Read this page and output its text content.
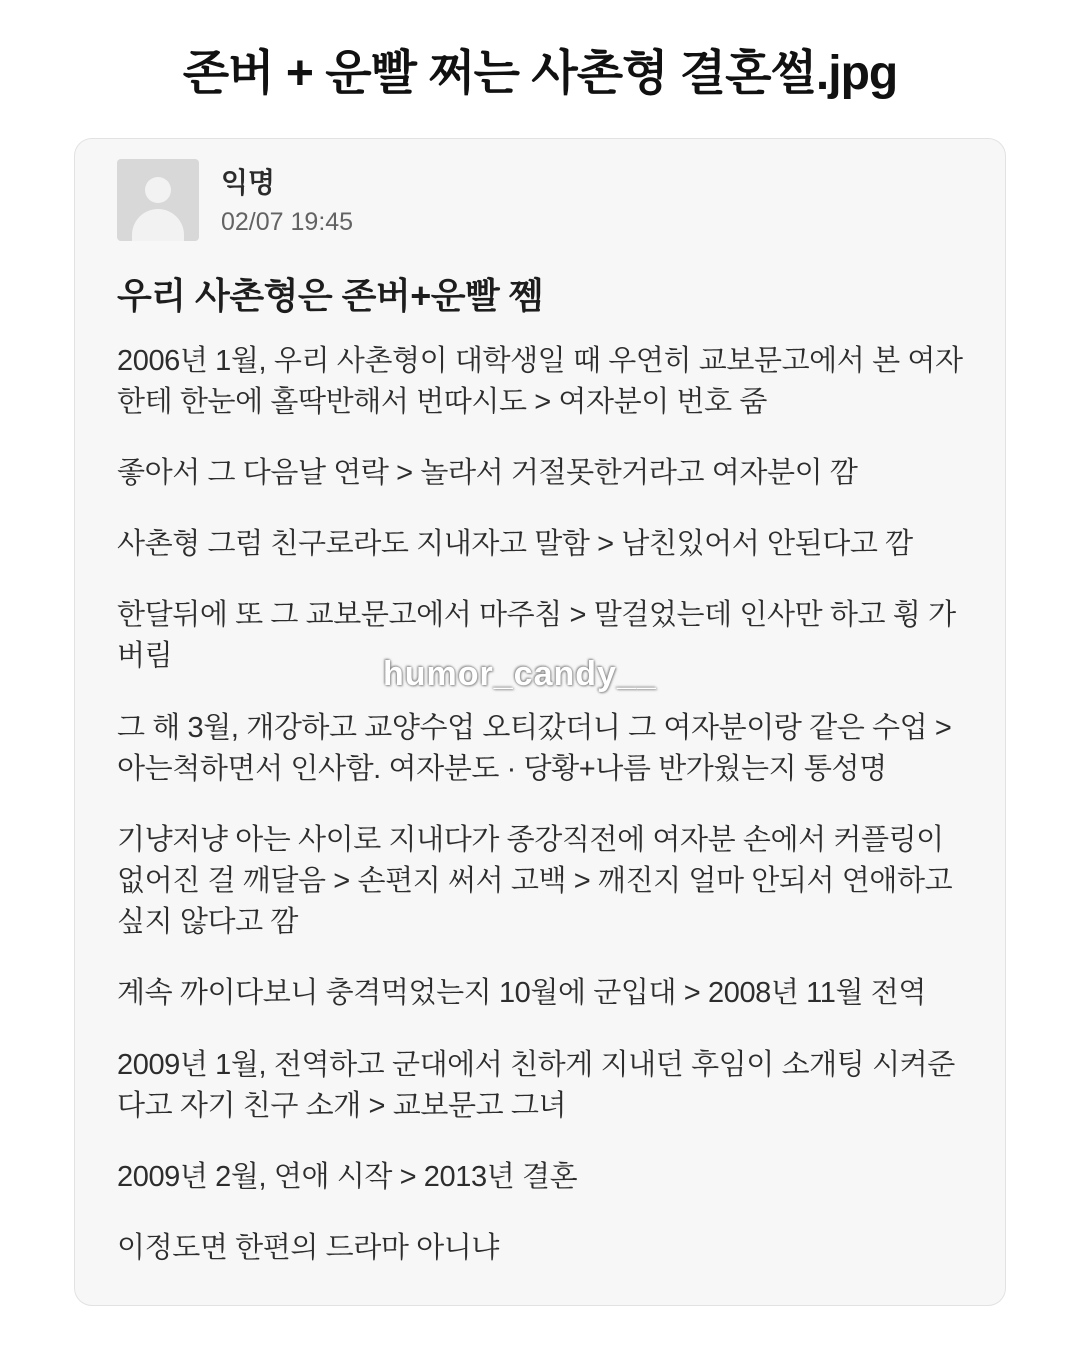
존버 + 운빨 쩌는 사촌형 결혼썰.jpg
익명
02/07 19:45
우리 사촌형은 존버+운빨 쩸

2006년 1월, 우리 사촌형이 대학생일 때 우연히 교보문고에서 본 여자한테 한눈에 홀딱반해서 번따시도 > 여자분이 번호 줌

좋아서 그 다음날 연락 > 놀라서 거절못한거라고 여자분이 깜

사촌형 그럼 친구로라도 지내자고 말함 > 남친있어서 안된다고 깜

한달뒤에 또 그 교보문고에서 마주침 > 말걸었는데 인사만 하고 휭 가버림

그 해 3월, 개강하고 교양수업 오티갔더니 그 여자분이랑 같은 수업 > 아는척하면서 인사함. 여자분도 · 당황+나름 반가웠는지 통성명

기냥저냥 아는 사이로 지내다가 종강직전에 여자분 손에서 커플링이 없어진 걸 깨달음 > 손편지 써서 고백 > 깨진지 얼마 안되서 연애하고 싶지 않다고 깜

계속 까이다보니 충격먹었는지 10월에 군입대 > 2008년 11월 전역

2009년 1월, 전역하고 군대에서 친하게 지내던 후임이 소개팅 시켜준다고 자기 친구 소개 > 교보문고 그녀

2009년 2월, 연애 시작 > 2013년 결혼

이정도면 한편의 드라마 아니냐

humor_candy__
